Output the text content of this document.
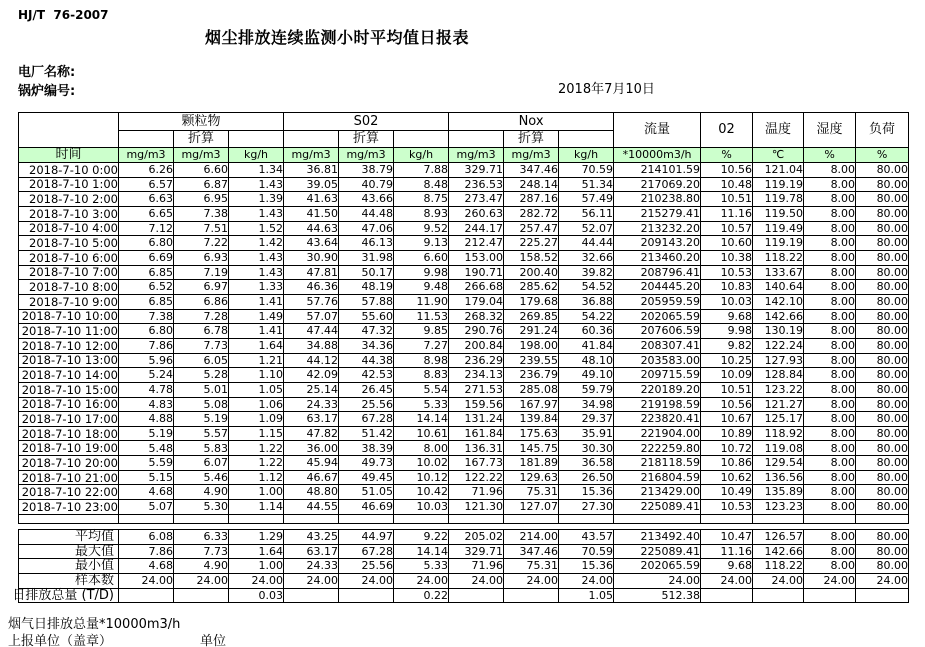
HJ/T  76-2007
烟尘排放连续监测小时平均值日报表
电厂名称:
锅炉编号:	2018年7月10日
	颗粒物			S02			Nox			流量	02	温度	湿度	负荷
		折算			折算			折算						
时间	mg/m3	mg/m3	kg/h	mg/m3	mg/m3	kg/h	mg/m3	mg/m3	kg/h	*10000m3/h	%	℃	%	%
2018-7-10 0:00	6.26	6.60	1.34	36.81	38.79	7.88	329.71	347.46	70.59	214101.59	10.56	121.04	8.00	80.00
2018-7-10 1:00	6.57	6.87	1.43	39.05	40.79	8.48	236.53	248.14	51.34	217069.20	10.48	119.19	8.00	80.00
2018-7-10 2:00	6.63	6.95	1.39	41.63	43.66	8.75	273.47	287.16	57.49	210238.80	10.51	119.78	8.00	80.00
2018-7-10 3:00	6.65	7.38	1.43	41.50	44.48	8.93	260.63	282.72	56.11	215279.41	11.16	119.50	8.00	80.00
2018-7-10 4:00	7.12	7.51	1.52	44.63	47.06	9.52	244.17	257.47	52.07	213232.20	10.57	119.49	8.00	80.00
2018-7-10 5:00	6.80	7.22	1.42	43.64	46.13	9.13	212.47	225.27	44.44	209143.20	10.60	119.19	8.00	80.00
2018-7-10 6:00	6.69	6.93	1.43	30.90	31.98	6.60	153.00	158.52	32.66	213460.20	10.38	118.22	8.00	80.00
2018-7-10 7:00	6.85	7.19	1.43	47.81	50.17	9.98	190.71	200.40	39.82	208796.41	10.53	133.67	8.00	80.00
2018-7-10 8:00	6.52	6.97	1.33	46.36	48.19	9.48	266.68	285.62	54.52	204445.20	10.83	140.64	8.00	80.00
2018-7-10 9:00	6.85	6.86	1.41	57.76	57.88	11.90	179.04	179.68	36.88	205959.59	10.03	142.10	8.00	80.00
2018-7-10 10:00	7.38	7.28	1.49	57.07	55.60	11.53	268.32	269.85	54.22	202065.59	9.68	142.66	8.00	80.00
2018-7-10 11:00	6.80	6.78	1.41	47.44	47.32	9.85	290.76	291.24	60.36	207606.59	9.98	130.19	8.00	80.00
2018-7-10 12:00	7.86	7.73	1.64	34.88	34.36	7.27	200.84	198.00	41.84	208307.41	9.82	122.24	8.00	80.00
2018-7-10 13:00	5.96	6.05	1.21	44.12	44.38	8.98	236.29	239.55	48.10	203583.00	10.25	127.93	8.00	80.00
2018-7-10 14:00	5.24	5.28	1.10	42.09	42.53	8.83	234.13	236.79	49.10	209715.59	10.09	128.84	8.00	80.00
2018-7-10 15:00	4.78	5.01	1.05	25.14	26.45	5.54	271.53	285.08	59.79	220189.20	10.51	123.22	8.00	80.00
2018-7-10 16:00	4.83	5.08	1.06	24.33	25.56	5.33	159.56	167.97	34.98	219198.59	10.56	121.27	8.00	80.00
2018-7-10 17:00	4.88	5.19	1.09	63.17	67.28	14.14	131.24	139.84	29.37	223820.41	10.67	125.17	8.00	80.00
2018-7-10 18:00	5.19	5.57	1.15	47.82	51.42	10.61	161.84	175.63	35.91	221904.00	10.89	118.92	8.00	80.00
2018-7-10 19:00	5.48	5.83	1.22	36.00	38.39	8.00	136.31	145.75	30.30	222259.80	10.72	119.08	8.00	80.00
2018-7-10 20:00	5.59	6.07	1.22	45.94	49.73	10.02	167.73	181.89	36.58	218118.59	10.86	129.54	8.00	80.00
2018-7-10 21:00	5.15	5.46	1.12	46.67	49.45	10.12	122.22	129.63	26.50	216804.59	10.62	136.56	8.00	80.00
2018-7-10 22:00	4.68	4.90	1.00	48.80	51.05	10.42	71.96	75.31	15.36	213429.00	10.49	135.89	8.00	80.00
2018-7-10 23:00	5.07	5.30	1.14	44.55	46.69	10.03	121.30	127.07	27.30	225089.41	10.53	123.23	8.00	80.00

平均值	6.08	6.33	1.29	43.25	44.97	9.22	205.02	214.00	43.57	213492.40	10.47	126.57	8.00	80.00

最大值	7.86	7.73	1.64	63.17	67.28	14.14	329.71	347.46	70.59	225089.41	11.16	142.66	8.00	80.00

最小值	4.68	4.90	1.00	24.33	25.56	5.33	71.96	75.31	15.36	202065.59	9.68	118.22	8.00	80.00

样本数	24.00	24.00	24.00	24.00	24.00	24.00	24.00	24.00	24.00	24.00	24.00	24.00	24.00	24.00

日排放总量 (T/D)			0.03			0.22			1.05	512.38				
烟气日排放总量*10000m3/h
上报单位（盖章）	单位
